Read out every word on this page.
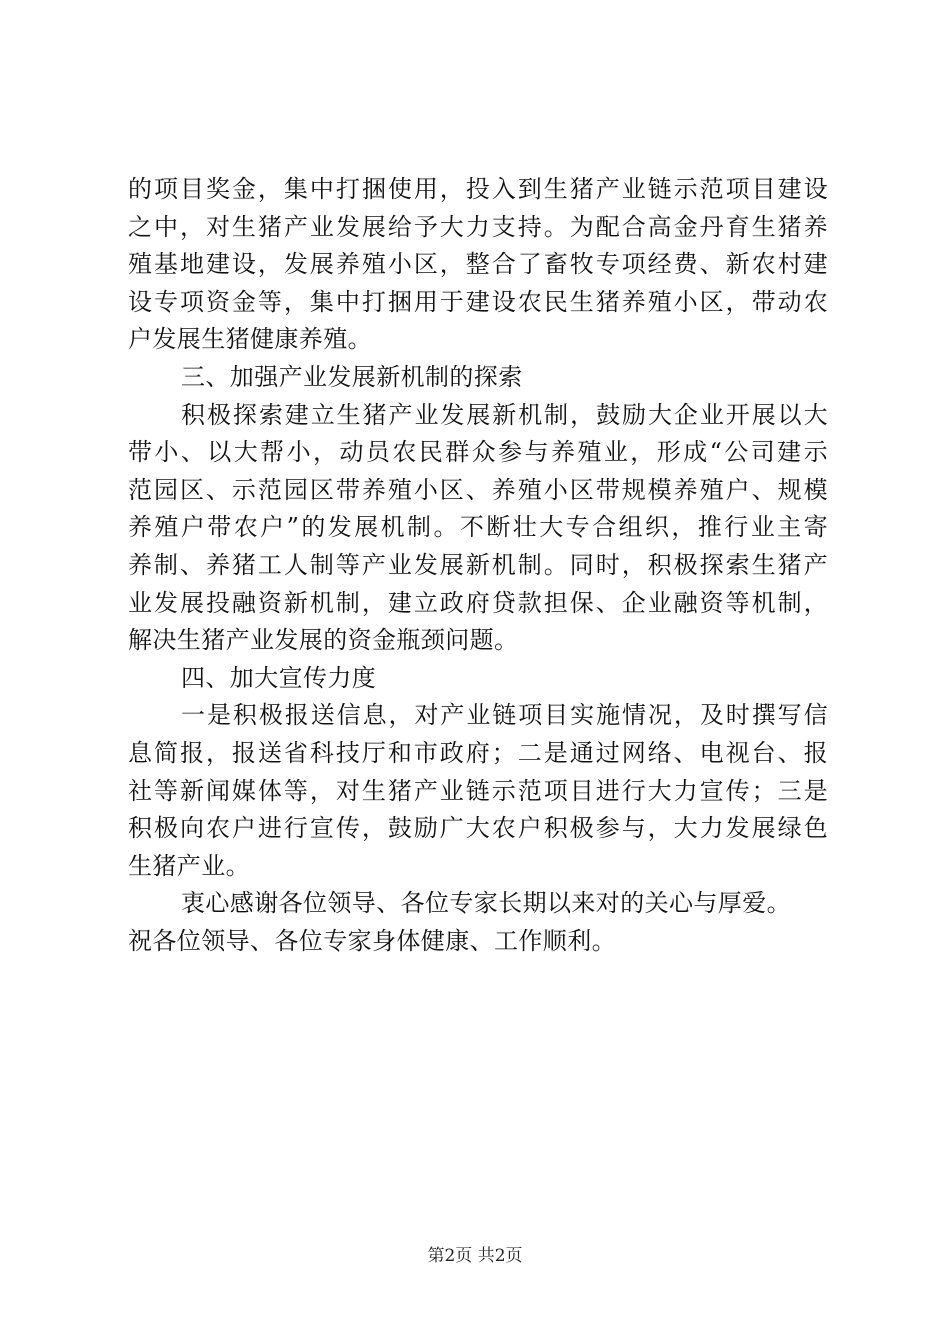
的项目奖金，集中打捆使用，投入到生猪产业链示范项目建设
之中，对生猪产业发展给予大力支持。为配合高金丹育生猪养
殖基地建设，发展养殖小区，整合了畜牧专项经费、新农村建
设专项资金等，集中打捆用于建设农民生猪养殖小区，带动农
户发展生猪健康养殖。
三、加强产业发展新机制的探索
积极探索建立生猪产业发展新机制，鼓励大企业开展以大
带小、以大帮小，动员农民群众参与养殖业，形成“公司建示
范园区、示范园区带养殖小区、养殖小区带规模养殖户、规模
养殖户带农户”的发展机制。不断壮大专合组织，推行业主寄
养制、养猪工人制等产业发展新机制。同时，积极探索生猪产
业发展投融资新机制，建立政府贷款担保、企业融资等机制，
解决生猪产业发展的资金瓶颈问题。
四、加大宣传力度
一是积极报送信息，对产业链项目实施情况，及时撰写信
息简报，报送省科技厅和市政府；二是通过网络、电视台、报
社等新闻媒体等，对生猪产业链示范项目进行大力宣传；三是
积极向农户进行宣传，鼓励广大农户积极参与，大力发展绿色
生猪产业。
衷心感谢各位领导、各位专家长期以来对的关心与厚爱。
祝各位领导、各位专家身体健康、工作顺利。
第2页 共2页
